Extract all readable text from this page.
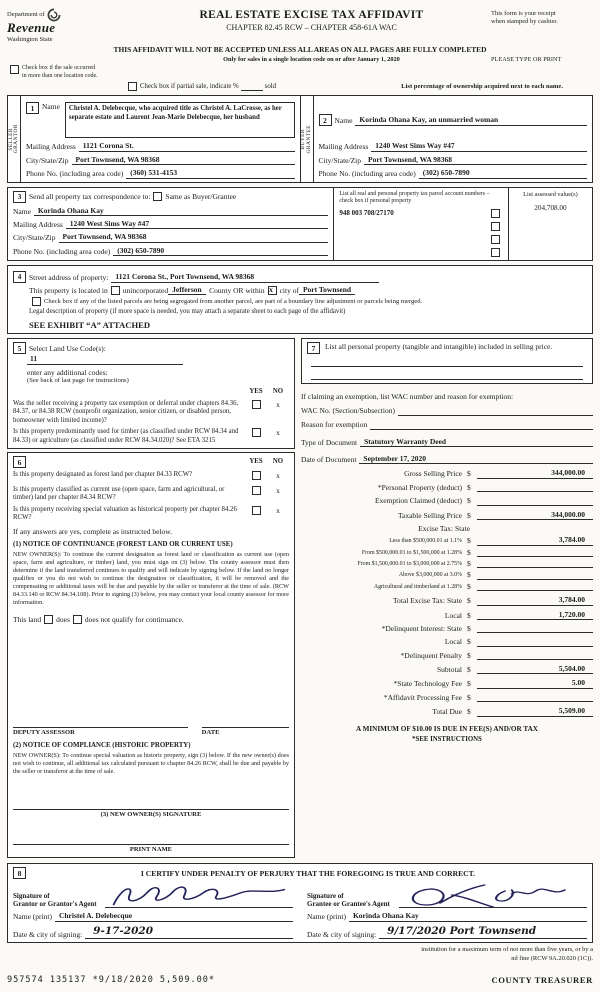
Department of
Revenue
Washington State
REAL ESTATE EXCISE TAX AFFIDAVIT
CHAPTER 82.45 RCW – CHAPTER 458-61A WAC
This form is your receipt
when stamped by cashier.
THIS AFFIDAVIT WILL NOT BE ACCEPTED UNLESS ALL AREAS ON ALL PAGES ARE FULLY COMPLETED
Only for sales in a single location code on or after January 1, 2020	PLEASE TYPE OR PRINT
Check box if the sale occurred
in more than one location code.
Check box if partial sale, indicate %	sold	List percentage of ownership acquired next to each name.
SELLER GRANTOR
1	Name	Christel A. Delebecque, who acquired title as Christel A. LaCrosse, as her separate estate and Laurent Jean-Marie Delebecque, her husband
Mailing Address 1121 Corona St.
City/State/Zip Port Townsend, WA 98368
Phone No. (including area code) (360) 531-4153
BUYER GRANTEE
2	Name Korinda Ohana Kay, an unmarried woman
Mailing Address 1240 West Sims Way #47
City/State/Zip Port Townsend, WA 98368
Phone No. (including area code) (302) 650-7890
3	Send all property tax correspondence to: Same as Buyer/Grantee
Name Korinda Ohana Kay
Mailing Address 1240 West Sims Way #47
City/State/Zip Port Townsend, WA 98368
Phone No. (including area code) (302) 650-7890
List all real and personal property tax parcel account numbers – check box if personal property
948 003 708/27170
List assessed value(s)
204,708.00
4	Street address of property: 1121 Corona St., Port Townsend, WA 98368
This property is located in unincorporated Jefferson County OR within x city of Port Townsend
Check box if any of the listed parcels are being segregated from another parcel, are part of a boundary line adjustment or parcels being merged.
Legal description of property (if more space is needed, you may attach a separate sheet to each page of the affidavit)
SEE EXHIBIT “A” ATTACHED
5	Select Land Use Code(s):
11
enter any additional codes:
(See back of last page for instructions)
YES	NO
Was the seller receiving a property tax exemption or deferral under chapters 84.36, 84.37, or 84.38 RCW (nonprofit organization, senior citizen, or disabled person, homeowner with limited income)?
x
Is this property predominantly used for timber (as classified under RCW 84.34 and 84.33) or agriculture (as classified under RCW 84.34.020)? See ETA 3215
x
6	YES	NO
Is this property designated as forest land per chapter 84.33 RCW?	x
Is this property classified as current use (open space, farm and agricultural, or timber) land per chapter 84.34 RCW?
x
Is this property receiving special valuation as historical property per chapter 84.26 RCW?
x
If any answers are yes, complete as instructed below.
(1) NOTICE OF CONTINUANCE (FOREST LAND OR CURRENT USE)
NEW OWNER(S): To continue the current designation as forest land or classification as current use (open space, farm and agriculture, or timber) land, you must sign on (3) below. The county assessor must then determine if the land transferred continues to qualify and will indicate by signing below. If the land no longer qualifies or you do not wish to continue the designation or classification, it will be removed and the compensating or additional taxes will be due and payable by the seller or transferor at the time of sale. (RCW 84.33.140 or RCW 84.34.108). Prior to signing (3) below, you may contact your local county assessor for more information.
This land does does not qualify for continuance.
DEPUTY ASSESSOR	DATE
(2) NOTICE OF COMPLIANCE (HISTORIC PROPERTY)
NEW OWNER(S): To continue special valuation as historic property, sign (3) below. If the new owner(s) does not wish to continue, all additional tax calculated pursuant to chapter 84.26 RCW, shall be due and payable by the seller or transferor at the time of sale.
(3) NEW OWNER(S) SIGNATURE
PRINT NAME
7	List all personal property (tangible and intangible) included in selling price.
If claiming an exemption, list WAC number and reason for exemption:
WAC No. (Section/Subsection)
Reason for exemption
Type of Document Statutory Warranty Deed
Date of Document September 17, 2020
Gross Selling Price $	344,000.00
*Personal Property (deduct) $
Exemption Claimed (deduct) $
Taxable Selling Price $	344,000.00
Excise Tax: State
Less than $500,000.01 at 1.1% $	3,784.00
From $500,000.01 to $1,500,000 at 1.28% $
From $1,500,000.01 to $3,000,000 at 2.75% $
Above $3,000,000 at 3.0% $
Agricultural and timberland at 1.28% $
Total Excise Tax: State $	3,784.00
Local $	1,720.00
*Delinquent Interest: State $
Local $
*Delinquent Penalty $
Subtotal $	5,504.00
*State Technology Fee $	5.00
*Affidavit Processing Fee $
Total Due $	5,509.00
A MINIMUM OF $10.00 IS DUE IN FEE(S) AND/OR TAX
*SEE INSTRUCTIONS
8	I CERTIFY UNDER PENALTY OF PERJURY THAT THE FOREGOING IS TRUE AND CORRECT.
Signature of
Grantor or Grantor's Agent
Name (print) Christel A. Delebecque
Date & city of signing:	9-17-2020
Signature of
Grantee or Grantee's Agent
Name (print) Korinda Ohana Kay
Date & city of signing:	9/17/2020 Port Townsend
institution for a maximum term of not more than five years, or by a
nd fine (RCW 9A.20.020 (1C)).
957574 135137 *9/18/2020 5,509.00*	COUNTY TREASURER
